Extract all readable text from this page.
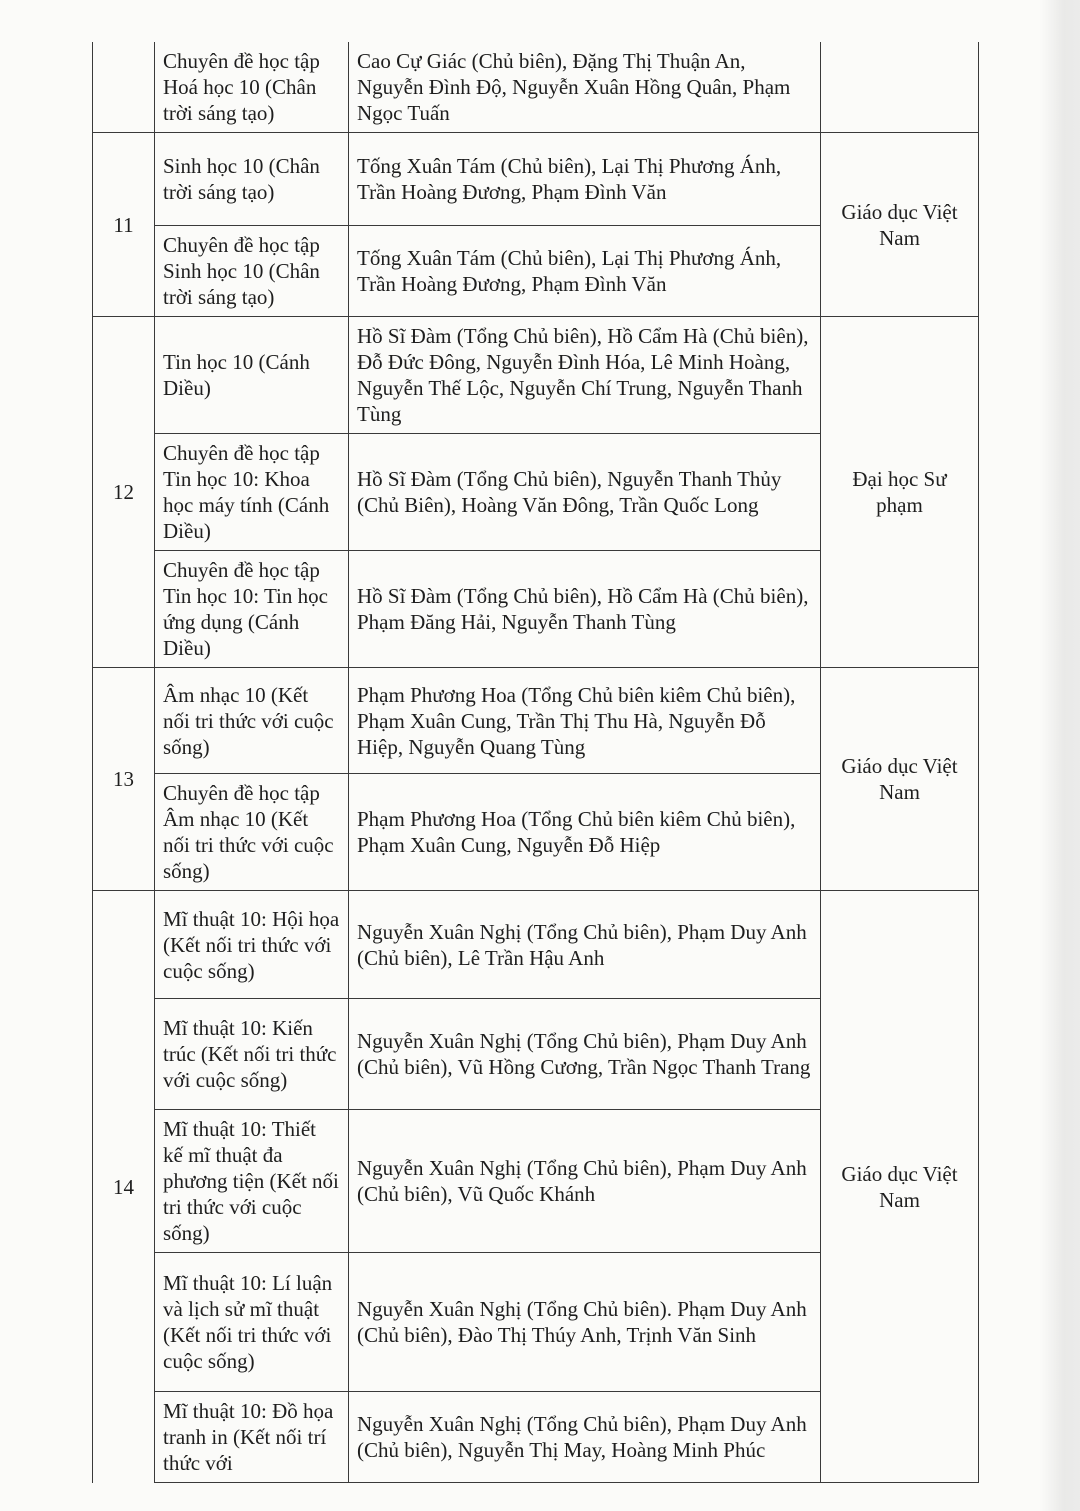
	Chuyên đề học tập Hoá học 10 (Chân trời sáng tạo)	Cao Cự Giác (Chủ biên), Đặng Thị Thuận An, Nguyễn Đình Độ, Nguyễn Xuân Hồng Quân, Phạm Ngọc Tuấn	
11	Sinh học 10 (Chân trời sáng tạo)	Tống Xuân Tám (Chủ biên), Lại Thị Phương Ánh, Trần Hoàng Đương, Phạm Đình Văn	Giáo dục Việt Nam
	Chuyên đề học tập Sinh học 10 (Chân trời sáng tạo)	Tống Xuân Tám (Chủ biên), Lại Thị Phương Ánh, Trần Hoàng Đương, Phạm Đình Văn	
12	Tin học 10 (Cánh Diều)	Hồ Sĩ Đàm (Tổng Chủ biên), Hồ Cẩm Hà (Chủ biên), Đỗ Đức Đông, Nguyễn Đình Hóa, Lê Minh Hoàng, Nguyễn Thế Lộc, Nguyễn Chí Trung, Nguyễn Thanh Tùng	Đại học Sư phạm
	Chuyên đề học tập Tin học 10: Khoa học máy tính (Cánh Diều)	Hồ Sĩ Đàm (Tổng Chủ biên), Nguyễn Thanh Thủy (Chủ Biên), Hoàng Văn Đông, Trần Quốc Long	
	Chuyên đề học tập Tin học 10: Tin học ứng dụng (Cánh Diều)	Hồ Sĩ Đàm (Tổng Chủ biên), Hồ Cẩm Hà (Chủ biên), Phạm Đăng Hải, Nguyễn Thanh Tùng	
13	Âm nhạc 10 (Kết nối tri thức với cuộc sống)	Phạm Phương Hoa (Tổng Chủ biên kiêm Chủ biên), Phạm Xuân Cung, Trần Thị Thu Hà, Nguyễn Đỗ Hiệp, Nguyễn Quang Tùng	Giáo dục Việt Nam
	Chuyên đề học tập Âm nhạc 10 (Kết nối tri thức với cuộc sống)	Phạm Phương Hoa (Tổng Chủ biên kiêm Chủ biên), Phạm Xuân Cung, Nguyễn Đỗ Hiệp	
14	Mĩ thuật 10: Hội họa (Kết nối tri thức với cuộc sống)	Nguyễn Xuân Nghị (Tổng Chủ biên), Phạm Duy Anh (Chủ biên), Lê Trần Hậu Anh	Giáo dục Việt Nam
	Mĩ thuật 10: Kiến trúc (Kết nối tri thức với cuộc sống)	Nguyễn Xuân Nghị (Tổng Chủ biên), Phạm Duy Anh (Chủ biên), Vũ Hồng Cương, Trần Ngọc Thanh Trang	
	Mĩ thuật 10: Thiết kế mĩ thuật đa phương tiện (Kết nối tri thức với cuộc sống)	Nguyễn Xuân Nghị (Tổng Chủ biên), Phạm Duy Anh (Chủ biên), Vũ Quốc Khánh	
	Mĩ thuật 10: Lí luận và lịch sử mĩ thuật (Kết nối tri thức với cuộc sống)	Nguyễn Xuân Nghị (Tổng Chủ biên). Phạm Duy Anh (Chủ biên), Đào Thị Thúy Anh, Trịnh Văn Sinh	
	Mĩ thuật 10: Đồ họa tranh in (Kết nối trí thức với	Nguyễn Xuân Nghị (Tổng Chủ biên), Phạm Duy Anh (Chủ biên), Nguyễn Thị May, Hoàng Minh Phúc	
